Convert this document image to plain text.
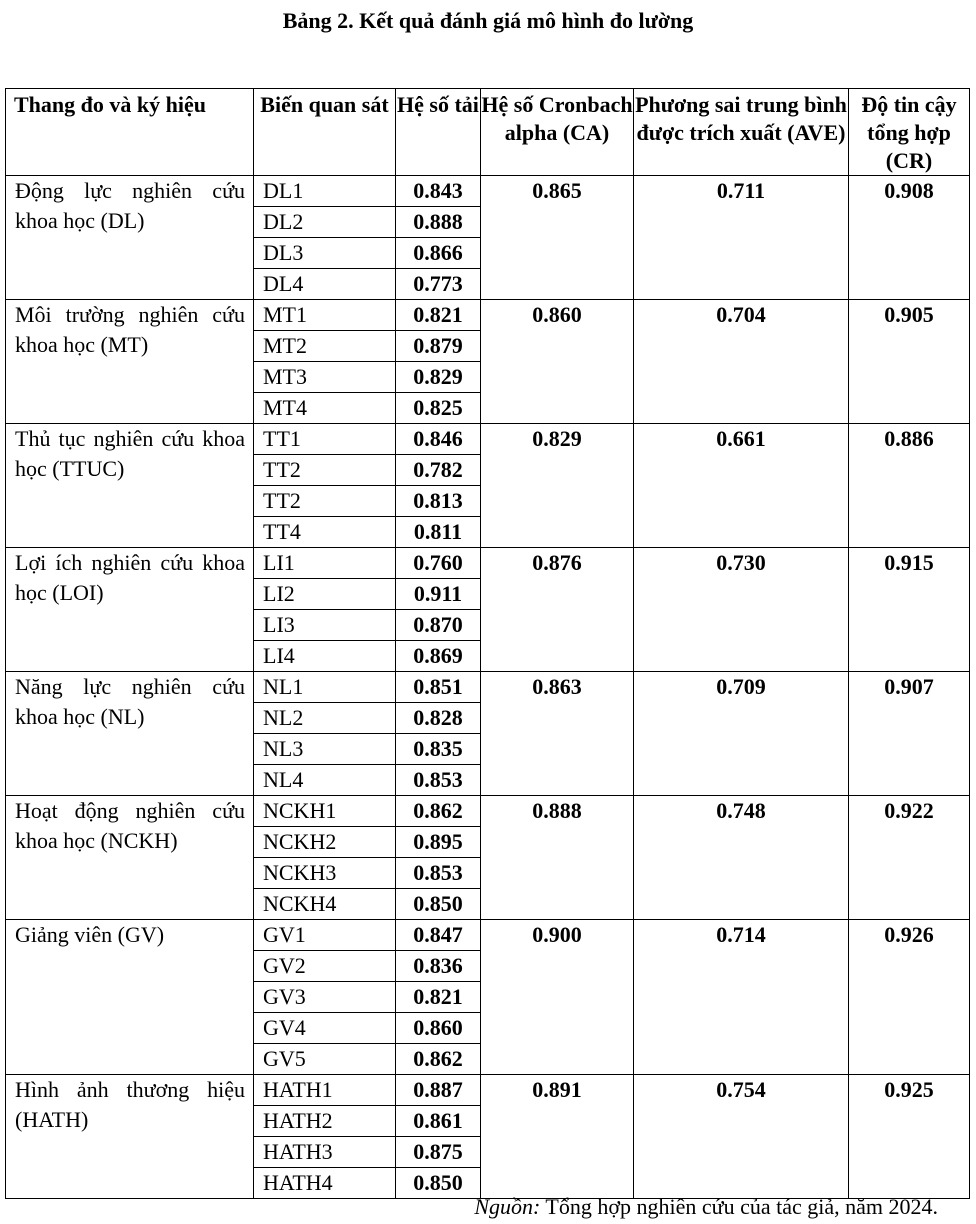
Bảng 2. Kết quả đánh giá mô hình đo lường
Thang đo và ký hiệu	Biến quan sát	Hệ số tải	Hệ số Cronbach alpha (CA)	Phương sai trung bình được trích xuất (AVE)	Độ tin cậy tổng hợp (CR)
Động lực nghiên cứu khoa học (DL)	DL1	0.843	0.865	0.711	0.908
	DL2	0.888			
	DL3	0.866			
	DL4	0.773			
Môi trường nghiên cứu khoa học (MT)	MT1	0.821	0.860	0.704	0.905
	MT2	0.879			
	MT3	0.829			
	MT4	0.825			
Thủ tục nghiên cứu khoa học (TTUC)	TT1	0.846	0.829	0.661	0.886
	TT2	0.782			
	TT2	0.813			
	TT4	0.811			
Lợi ích nghiên cứu khoa học (LOI)	LI1	0.760	0.876	0.730	0.915
	LI2	0.911			
	LI3	0.870			
	LI4	0.869			
Năng lực nghiên cứu khoa học (NL)	NL1	0.851	0.863	0.709	0.907
	NL2	0.828			
	NL3	0.835			
	NL4	0.853			
Hoạt động nghiên cứu khoa học (NCKH)	NCKH1	0.862	0.888	0.748	0.922
	NCKH2	0.895			
	NCKH3	0.853			
	NCKH4	0.850			
Giảng viên (GV)	GV1	0.847	0.900	0.714	0.926
	GV2	0.836			
	GV3	0.821			
	GV4	0.860			
	GV5	0.862			
Hình ảnh thương hiệu (HATH)	HATH1	0.887	0.891	0.754	0.925
	HATH2	0.861			
	HATH3	0.875			
	HATH4	0.850			
Nguồn: Tổng hợp nghiên cứu của tác giả, năm 2024.
